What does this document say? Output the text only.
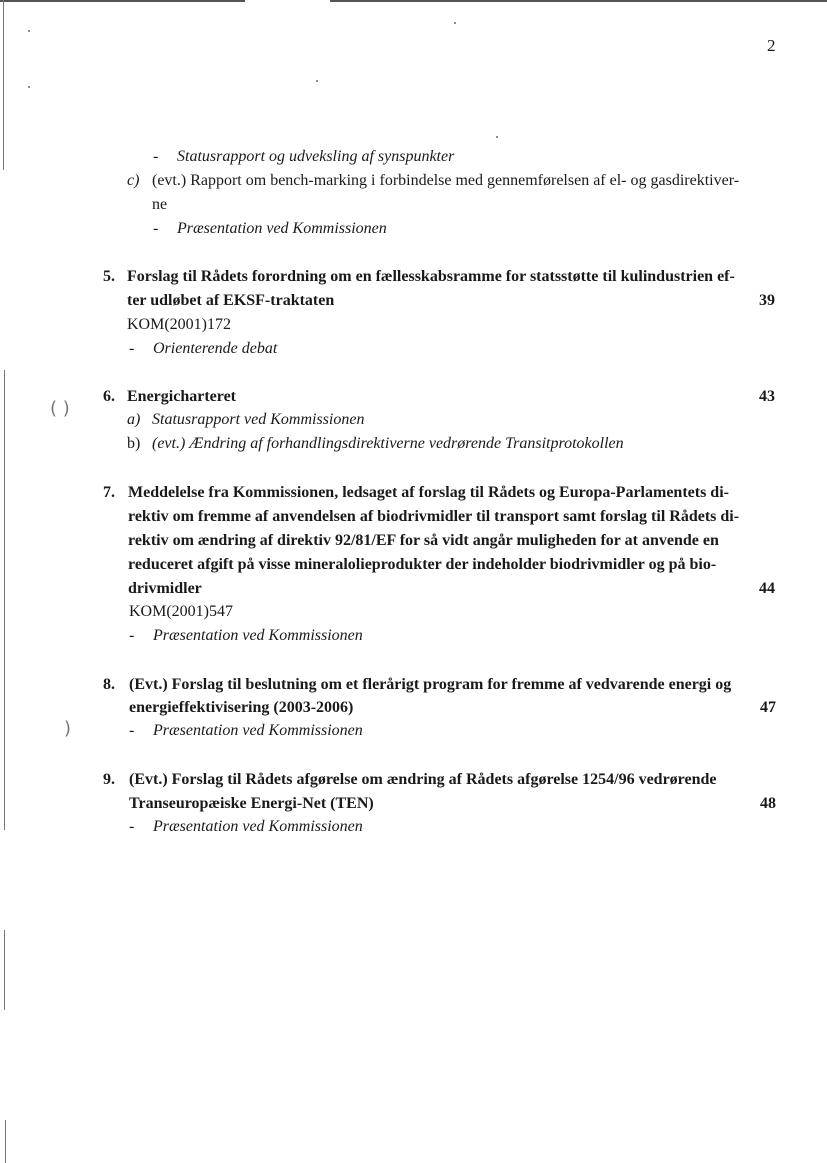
( )
)
2
- Statusrapport og udveksling af synspunkter
c) (evt.) Rapport om bench-marking i forbindelse med gennemførelsen af el- og gasdirektiver-
ne
- Præsentation ved Kommissionen
5. Forslag til Rådets forordning om en fællesskabsramme for statsstøtte til kulindustrien ef-
ter udløbet af EKSF-traktaten	39
KOM(2001)172
- Orienterende debat
6. Energicharteret	43
a) Statusrapport ved Kommissionen
b) (evt.) Ændring af forhandlingsdirektiverne vedrørende Transitprotokollen
7. Meddelelse fra Kommissionen, ledsaget af forslag til Rådets og Europa-Parlamentets di-
rektiv om fremme af anvendelsen af biodrivmidler til transport samt forslag til Rådets di-
rektiv om ændring af direktiv 92/81/EF for så vidt angår muligheden for at anvende en
reduceret afgift på visse mineralolieprodukter der indeholder biodrivmidler og på bio-
drivmidler	44
KOM(2001)547
- Præsentation ved Kommissionen
8. (Evt.) Forslag til beslutning om et flerårigt program for fremme af vedvarende energi og
energieffektivisering (2003-2006)	47
- Præsentation ved Kommissionen
9. (Evt.) Forslag til Rådets afgørelse om ændring af Rådets afgørelse 1254/96 vedrørende
Transeuropæiske Energi-Net (TEN)	48
- Præsentation ved Kommissionen
